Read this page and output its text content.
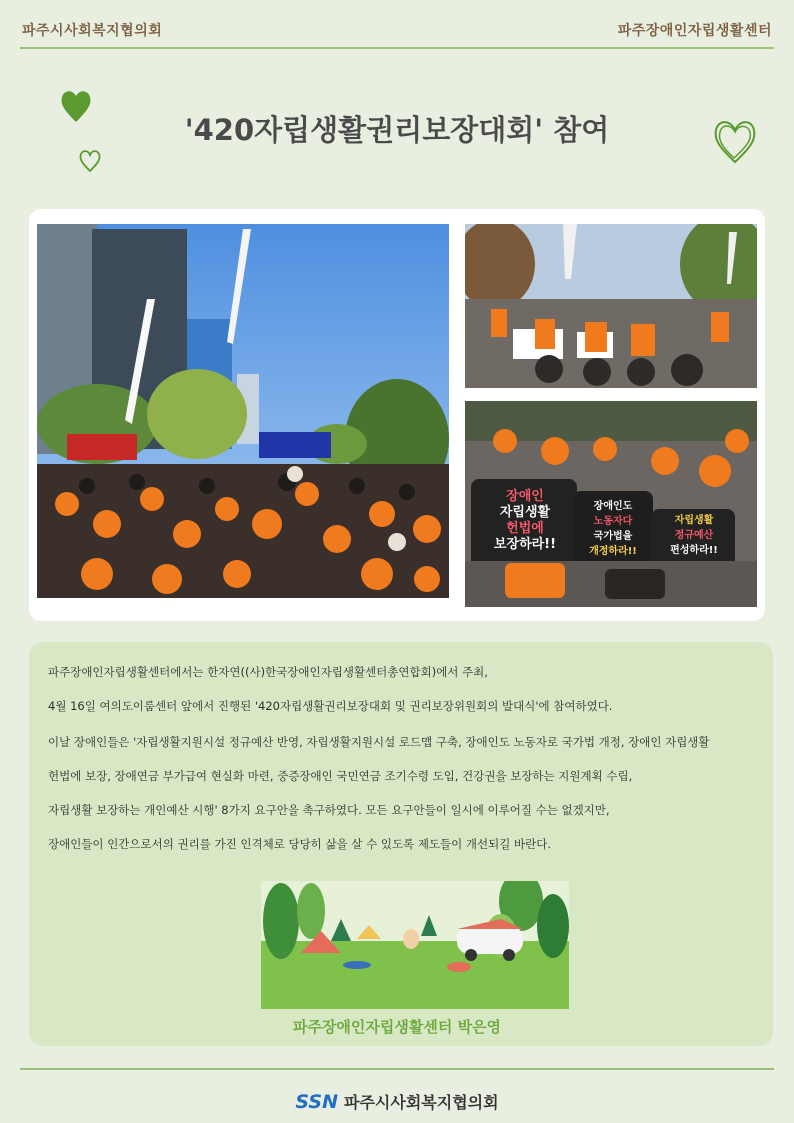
파주시사회복지협의회	파주장애인자립생활센터
'420자립생활권리보장대회' 참여
장애인
자립생활
헌법에
보장하라!!
장애인도
노동자다
국가법을
개정하라!!
자립생활
정규예산
편성하라!!
파주장애인자립생활센터에서는 한자연((사)한국장애인자립생활센터총연합회)에서 주최,
4월 16일 여의도이룸센터 앞에서 진행된 '420자립생활권리보장대회 및 권리보장위원회의 발대식'에 참여하였다.
이날 장애인들은 '자립생활지원시설 정규예산 반영, 자립생활지원시설 로드맵 구축, 장애인도 노동자로 국가법 개정, 장애인 자립생활
헌법에 보장, 장애연금 부가급여 현실화 마련, 중증장애인 국민연금 조기수령 도입, 건강권을 보장하는 지원계획 수립,
자립생활 보장하는 개인예산 시행' 8가지 요구안을 촉구하였다. 모든 요구안들이 일시에 이루어질 수는 없겠지만,
장애인들이 인간으로서의 권리를 가진 인격체로 당당히 삶을 살 수 있도록 제도들이 개선되길 바란다.
파주장애인자립생활센터 박은영
SSN 파주시사회복지협의회
